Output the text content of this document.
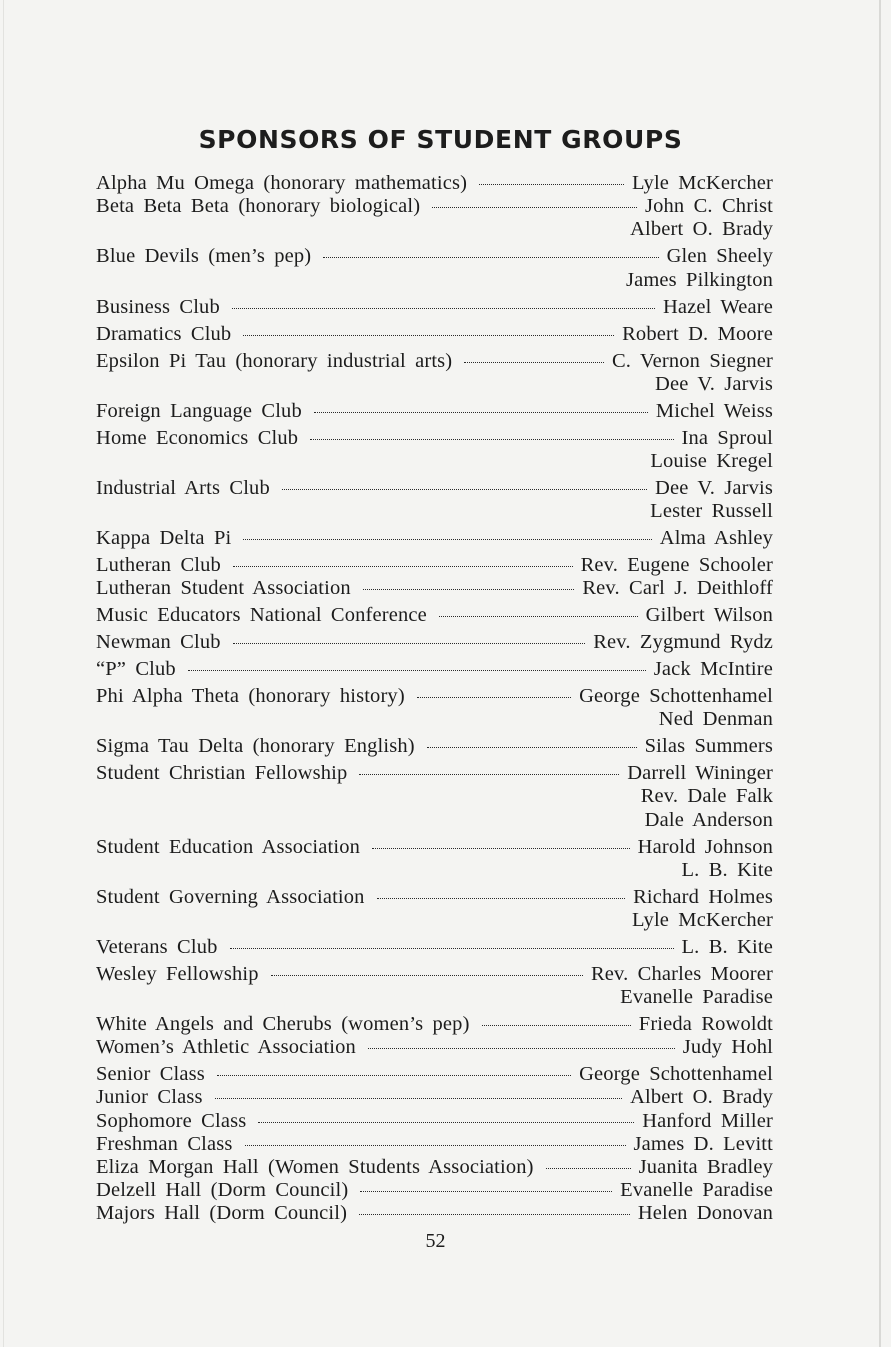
SPONSORS OF STUDENT GROUPS
Alpha Mu Omega (honorary mathematics)	Lyle McKercher
Beta Beta Beta (honorary biological)	John C. Christ
Albert O. Brady
Blue Devils (men’s pep)	Glen Sheely
James Pilkington
Business Club	Hazel Weare
Dramatics Club	Robert D. Moore
Epsilon Pi Tau (honorary industrial arts)	C. Vernon Siegner
Dee V. Jarvis
Foreign Language Club	Michel Weiss
Home Economics Club	Ina Sproul
Louise Kregel
Industrial Arts Club	Dee V. Jarvis
Lester Russell
Kappa Delta Pi	Alma Ashley
Lutheran Club	Rev. Eugene Schooler
Lutheran Student Association	Rev. Carl J. Deithloff
Music Educators National Conference	Gilbert Wilson
Newman Club	Rev. Zygmund Rydz
“P” Club	Jack McIntire
Phi Alpha Theta (honorary history)	George Schottenhamel
Ned Denman
Sigma Tau Delta (honorary English)	Silas Summers
Student Christian Fellowship	Darrell Wininger
Rev. Dale Falk
Dale Anderson
Student Education Association	Harold Johnson
L. B. Kite
Student Governing Association	Richard Holmes
Lyle McKercher
Veterans Club	L. B. Kite
Wesley Fellowship	Rev. Charles Moorer
Evanelle Paradise
White Angels and Cherubs (women’s pep)	Frieda Rowoldt
Women’s Athletic Association	Judy Hohl
Senior Class	George Schottenhamel
Junior Class	Albert O. Brady
Sophomore Class	Hanford Miller
Freshman Class	James D. Levitt
Eliza Morgan Hall (Women Students Association)	Juanita Bradley
Delzell Hall (Dorm Council)	Evanelle Paradise
Majors Hall (Dorm Council)	Helen Donovan
52
